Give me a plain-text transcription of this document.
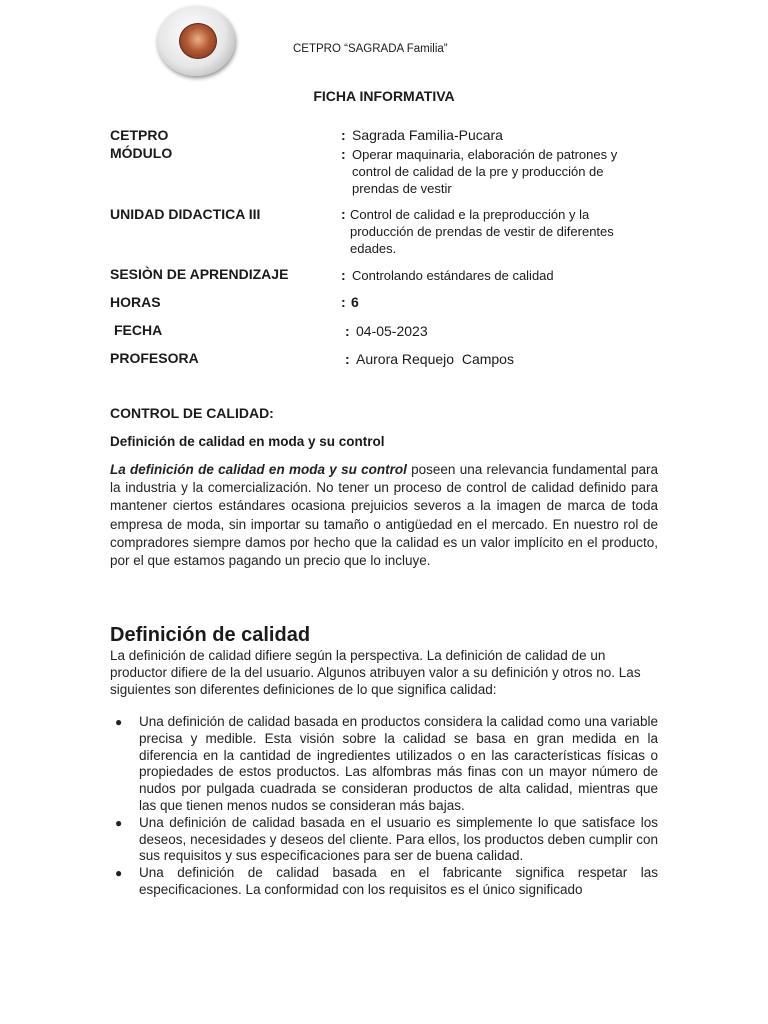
CETPRO “SAGRADA Familia”
FICHA INFORMATIVA
CETPRO	: Sagrada Familia-Pucara
MÓDULO	: Operar maquinaria, elaboración de patrones y control de calidad de la pre y producción de prendas de vestir
UNIDAD DIDACTICA III	: Control de calidad e la preproducción y la producción de prendas de vestir de diferentes edades.
SESIÒN DE APRENDIZAJE	: Controlando estándares de calidad
HORAS	: 6
FECHA	: 04-05-2023
PROFESORA	: Aurora Requejo  Campos
CONTROL DE CALIDAD:
Definición de calidad en moda y su control
La definición de calidad en moda y su control poseen una relevancia fundamental para la industria y la comercialización. No tener un proceso de control de calidad definido para mantener ciertos estándares ocasiona prejuicios severos a la imagen de marca de toda empresa de moda, sin importar su tamaño o antigüedad en el mercado. En nuestro rol de compradores siempre damos por hecho que la calidad es un valor implícito en el producto, por el que estamos pagando un precio que lo incluye.
Definición de calidad
La definición de calidad difiere según la perspectiva. La definición de calidad de un productor difiere de la del usuario. Algunos atribuyen valor a su definición y otros no. Las siguientes son diferentes definiciones de lo que significa calidad:
● Una definición de calidad basada en productos considera la calidad como una variable precisa y medible. Esta visión sobre la calidad se basa en gran medida en la diferencia en la cantidad de ingredientes utilizados o en las características físicas o propiedades de estos productos. Las alfombras más finas con un mayor número de nudos por pulgada cuadrada se consideran productos de alta calidad, mientras que las que tienen menos nudos se consideran más bajas.
● Una definición de calidad basada en el usuario es simplemente lo que satisface los deseos, necesidades y deseos del cliente. Para ellos, los productos deben cumplir con sus requisitos y sus especificaciones para ser de buena calidad.
● Una definición de calidad basada en el fabricante significa respetar las especificaciones. La conformidad con los requisitos es el único significado
